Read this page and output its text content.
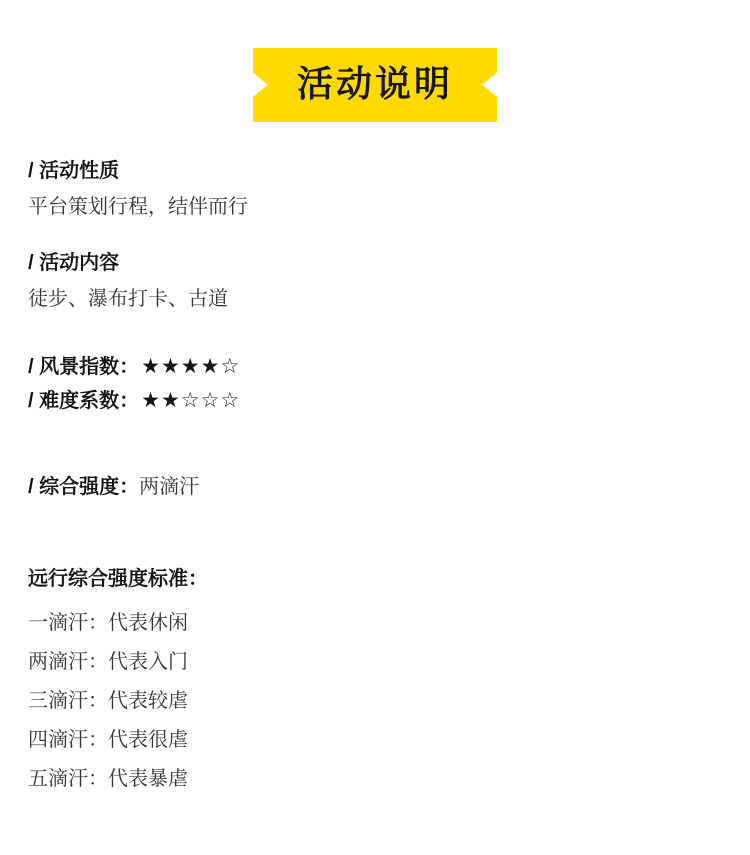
活动说明

/ 活动性质

平台策划行程，结伴而行

/ 活动内容

徒步、瀑布打卡、古道

/ 风景指数： ★★★★☆

/ 难度系数： ★★☆☆☆

/ 综合强度： 两滴汗

远行综合强度标准：

一滴汗： 代表休闲
两滴汗： 代表入门
三滴汗： 代表较虐
四滴汗： 代表很虐
五滴汗： 代表暴虐
